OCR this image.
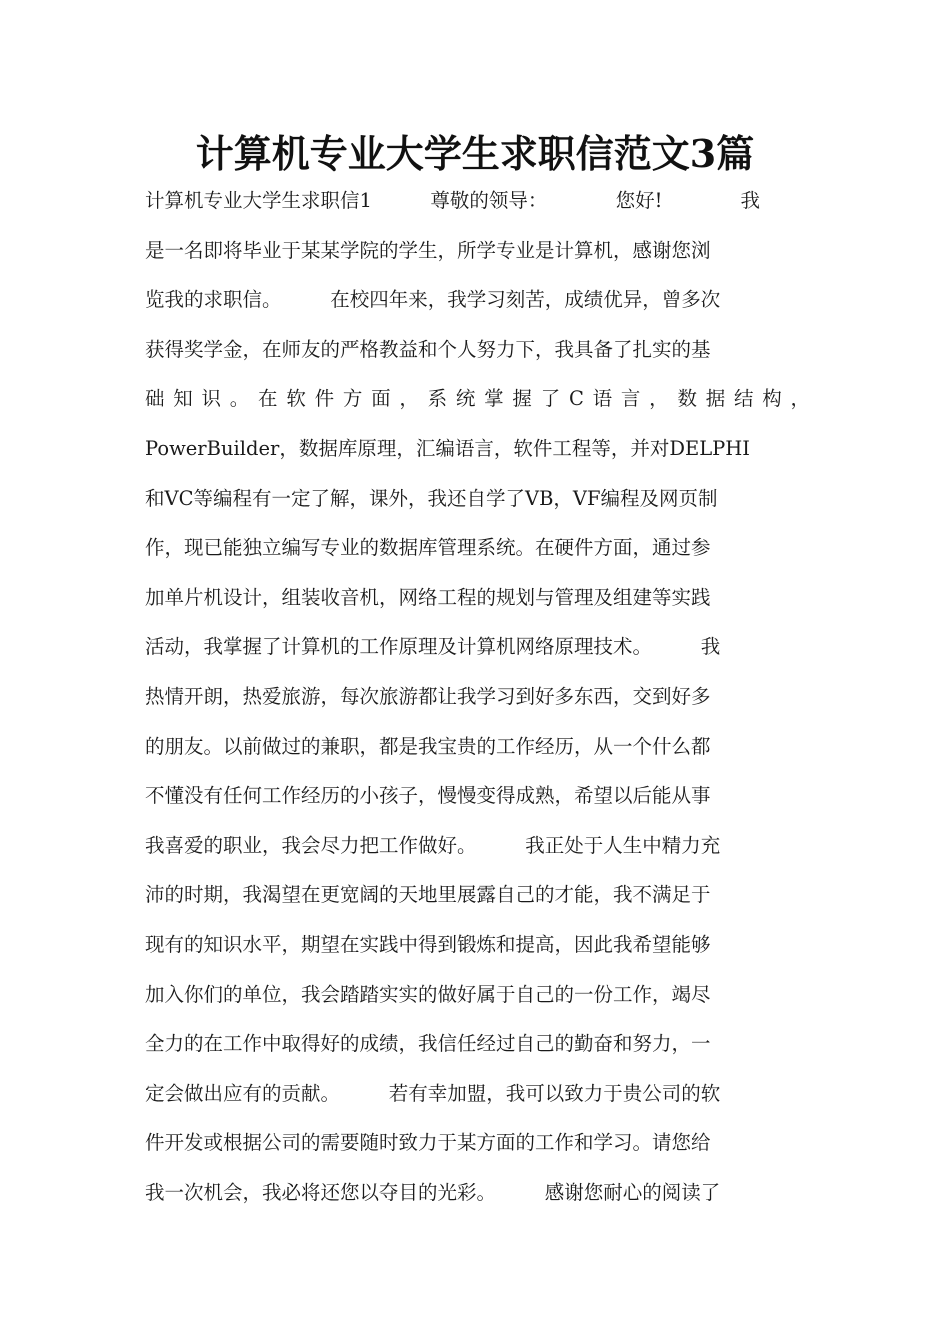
计算机专业大学生求职信范文3篇
计算机专业大学生求职信1　　　尊敬的领导：　　　　您好!　　　　我
是一名即将毕业于某某学院的学生，所学专业是计算机，感谢您浏
览我的求职信。　　　在校四年来，我学习刻苦，成绩优异，曾多次
获得奖学金，在师友的严格教益和个人努力下，我具备了扎实的基
础知识。在软件方面，系统掌握了C语言，数据结构，
PowerBuilder，数据库原理，汇编语言，软件工程等，并对DELPHI
和VC等编程有一定了解，课外，我还自学了VB，VF编程及网页制
作，现已能独立编写专业的数据库管理系统。在硬件方面，通过参
加单片机设计，组装收音机，网络工程的规划与管理及组建等实践
活动，我掌握了计算机的工作原理及计算机网络原理技术。　　　我
热情开朗，热爱旅游，每次旅游都让我学习到好多东西，交到好多
的朋友。以前做过的兼职，都是我宝贵的工作经历，从一个什么都
不懂没有任何工作经历的小孩子，慢慢变得成熟，希望以后能从事
我喜爱的职业，我会尽力把工作做好。　　　我正处于人生中精力充
沛的时期，我渴望在更宽阔的天地里展露自己的才能，我不满足于
现有的知识水平，期望在实践中得到锻炼和提高，因此我希望能够
加入你们的单位，我会踏踏实实的做好属于自己的一份工作，竭尽
全力的在工作中取得好的成绩，我信任经过自己的勤奋和努力，一
定会做出应有的贡献。　　　若有幸加盟，我可以致力于贵公司的软
件开发或根据公司的需要随时致力于某方面的工作和学习。请您给
我一次机会，我必将还您以夺目的光彩。　　　感谢您耐心的阅读了
